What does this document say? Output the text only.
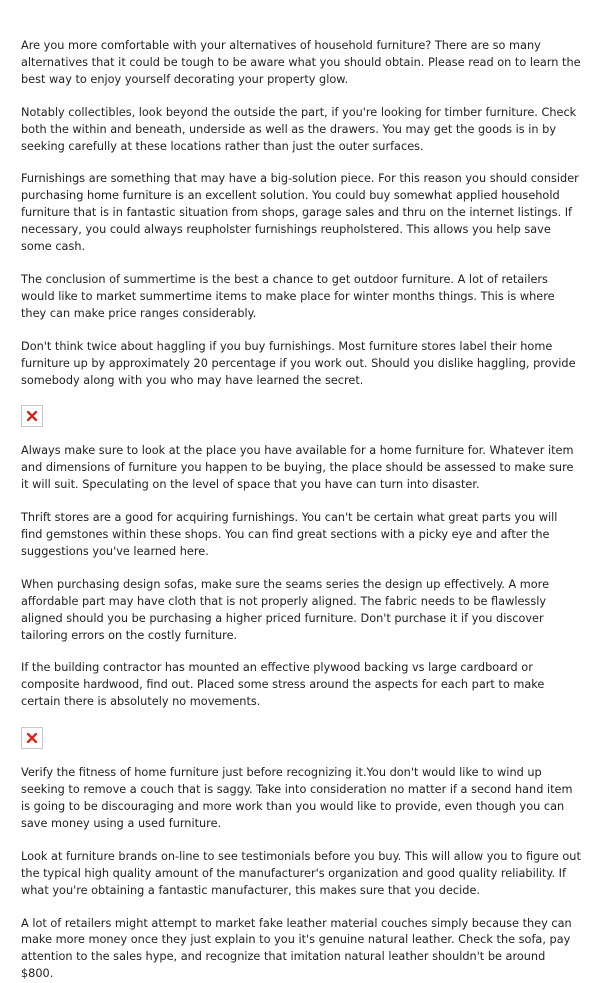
Are you more comfortable with your alternatives of household furniture? There are so many alternatives that it could be tough to be aware what you should obtain. Please read on to learn the best way to enjoy yourself decorating your property glow.

Notably collectibles, look beyond the outside the part, if you're looking for timber furniture. Check both the within and beneath, underside as well as the drawers. You may get the goods is in by seeking carefully at these locations rather than just the outer surfaces.

Furnishings are something that may have a big-solution piece. For this reason you should consider purchasing home furniture is an excellent solution. You could buy somewhat applied household furniture that is in fantastic situation from shops, garage sales and thru on the internet listings. If necessary, you could always reupholster furnishings reupholstered. This allows you help save some cash.

The conclusion of summertime is the best a chance to get outdoor furniture. A lot of retailers would like to market summertime items to make place for winter months things. This is where they can make price ranges considerably.

Don't think twice about haggling if you buy furnishings. Most furniture stores label their home furniture up by approximately 20 percentage if you work out. Should you dislike haggling, provide somebody along with you who may have learned the secret.

Always make sure to look at the place you have available for a home furniture for. Whatever item and dimensions of furniture you happen to be buying, the place should be assessed to make sure it will suit. Speculating on the level of space that you have can turn into disaster.

Thrift stores are a good for acquiring furnishings. You can't be certain what great parts you will find gemstones within these shops. You can find great sections with a picky eye and after the suggestions you've learned here.

When purchasing design sofas, make sure the seams series the design up effectively. A more affordable part may have cloth that is not properly aligned. The fabric needs to be flawlessly aligned should you be purchasing a higher priced furniture. Don't purchase it if you discover tailoring errors on the costly furniture.

If the building contractor has mounted an effective plywood backing vs large cardboard or composite hardwood, find out. Placed some stress around the aspects for each part to make certain there is absolutely no movements.

Verify the fitness of home furniture just before recognizing it.You don't would like to wind up seeking to remove a couch that is saggy. Take into consideration no matter if a second hand item is going to be discouraging and more work than you would like to provide, even though you can save money using a used furniture.

Look at furniture brands on-line to see testimonials before you buy. This will allow you to figure out the typical high quality amount of the manufacturer's organization and good quality reliability. If what you're obtaining a fantastic manufacturer, this makes sure that you decide.

A lot of retailers might attempt to market fake leather material couches simply because they can make more money once they just explain to you it's genuine natural leather. Check the sofa, pay attention to the sales hype, and recognize that imitation natural leather shouldn't be around $800.
